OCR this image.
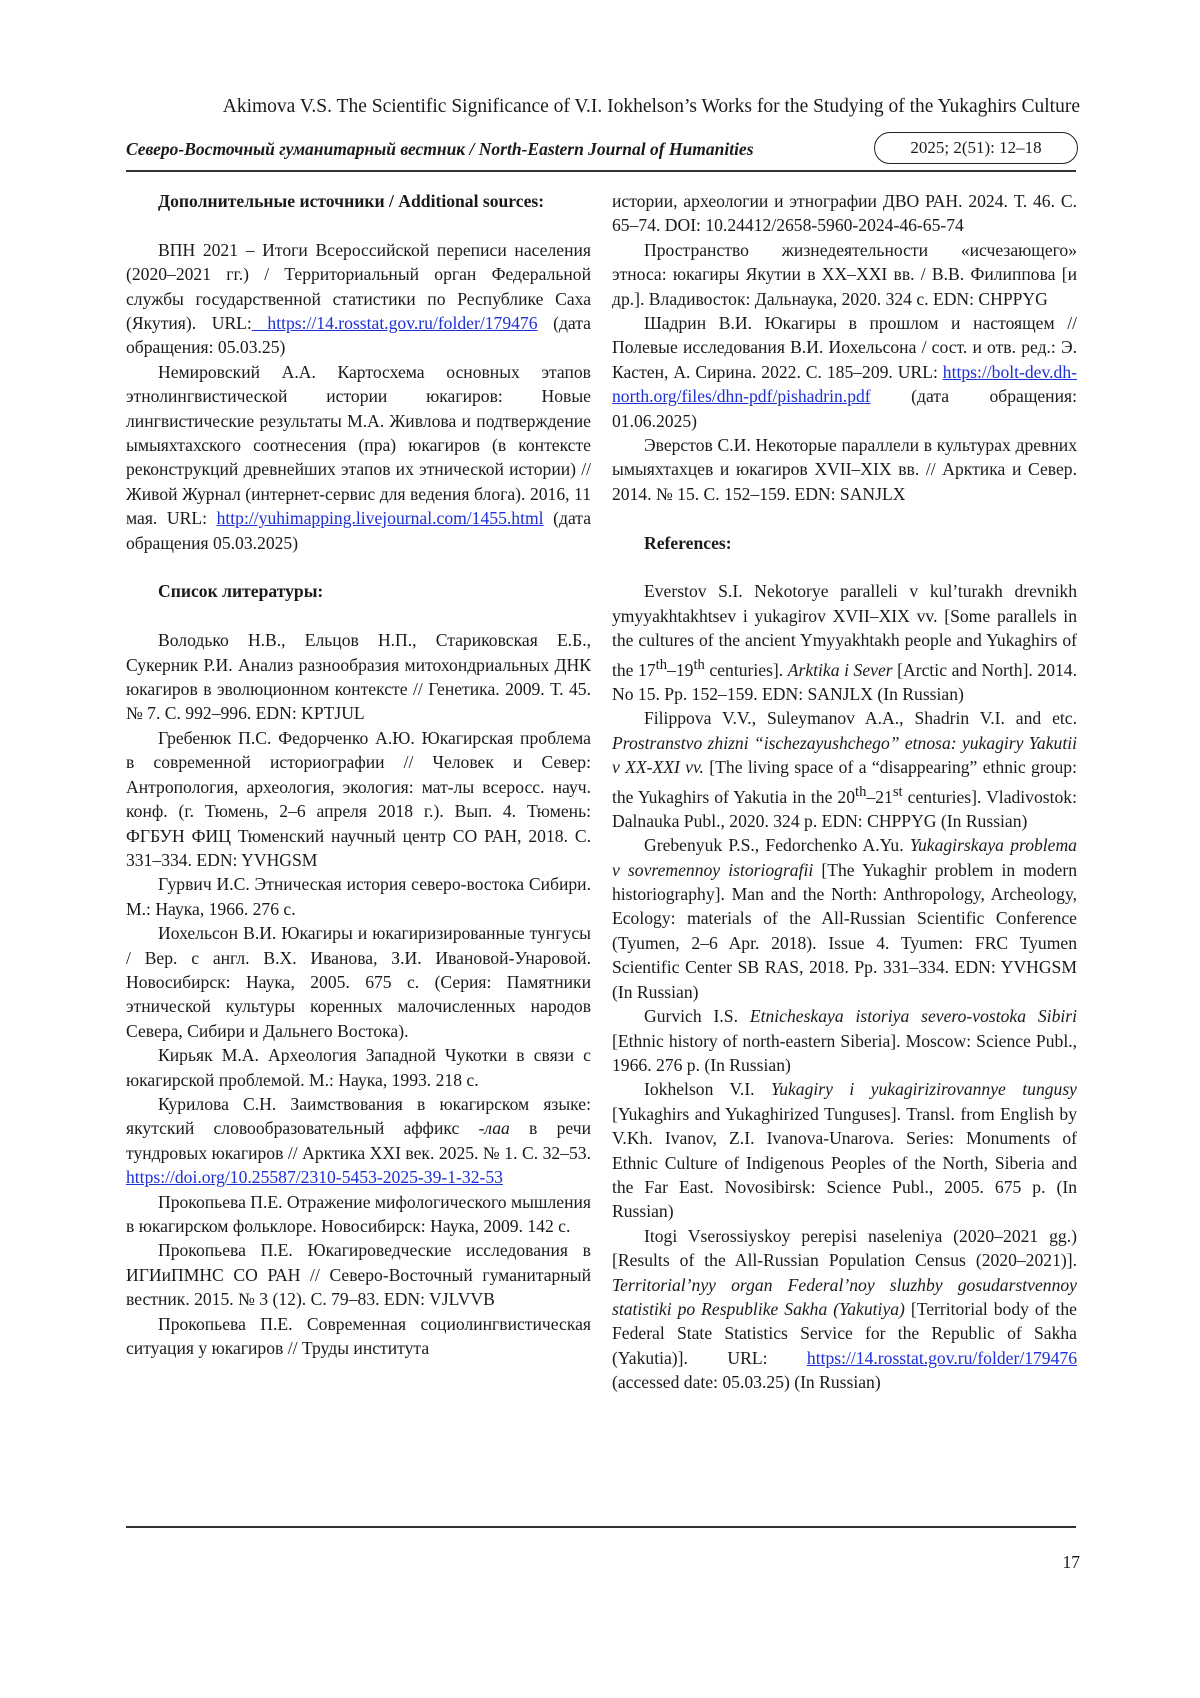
Akimova V.S. The Scientific Significance of V.I. Iokhelson’s Works for the Studying of the Yukaghirs Culture
Северо-Восточный гуманитарный вестник / North-Eastern Journal of Humanities	2025; 2(51): 12–18

Дополнительные источники / Additional sources:

ВПН 2021 – Итоги Всероссийской переписи населения (2020–2021 гг.) / Территориальный орган Федеральной службы государственной статистики по Республике Саха (Якутия). URL: https://14.rosstat.gov.ru/folder/179476 (дата обращения: 05.03.25)

Немировский А.А. Картосхема основных этапов этнолингвистической истории юкагиров: Новые лингвистические результаты М.А. Живлова и подтверждение ымыяхтахского соотнесения (пра) юкагиров (в контексте реконструкций древнейших этапов их этнической истории) // Живой Журнал (интернет-сервис для ведения блога). 2016, 11 мая. URL: http://yuhimapping.livejournal.com/1455.html (дата обращения 05.03.2025)

Список литературы:

Володько Н.В., Ельцов Н.П., Стариковская Е.Б., Сукерник Р.И. Анализ разнообразия митохондриальных ДНК юкагиров в эволюционном контексте // Генетика. 2009. Т. 45. № 7. С. 992–996. EDN: KPTJUL

Гребенюк П.С. Федорченко А.Ю. Юкагирская проблема в современной историографии // Человек и Север: Антропология, археология, экология: мат-лы всеросс. науч. конф. (г. Тюмень, 2–6 апреля 2018 г.). Вып. 4. Тюмень: ФГБУН ФИЦ Тюменский научный центр СО РАН, 2018. С. 331–334. EDN: YVHGSM

Гурвич И.С. Этническая история северо-востока Сибири. М.: Наука, 1966. 276 с.

Иохельсон В.И. Юкагиры и юкагиризированные тунгусы / Вер. с англ. В.Х. Иванова, З.И. Ивановой-Унаровой. Новосибирск: Наука, 2005. 675 с. (Серия: Памятники этнической культуры коренных малочисленных народов Севера, Сибири и Дальнего Востока).

Кирьяк М.А. Археология Западной Чукотки в связи с юкагирской проблемой. М.: Наука, 1993. 218 с.

Курилова С.Н. Заимствования в юкагирском языке: якутский словообразовательный аффикс -лаа в речи тундровых юкагиров // Арктика XXI век. 2025. № 1. С. 32–53. https://doi.org/10.25587/2310-5453-2025-39-1-32-53

Прокопьева П.Е. Отражение мифологического мышления в юкагирском фольклоре. Новосибирск: Наука, 2009. 142 с.

Прокопьева П.Е. Юкагироведческие исследования в ИГИиПМНС СО РАН // Северо-Восточный гуманитарный вестник. 2015. № 3 (12). С. 79–83. EDN: VJLVVB

Прокопьева П.Е. Современная социолингвистическая ситуация у юкагиров // Труды института

истории, археологии и этнографии ДВО РАН. 2024. Т. 46. С. 65–74. DOI: 10.24412/2658-5960-2024-46-65-74

Пространство жизнедеятельности «исчезающего» этноса: юкагиры Якутии в XX–XXI вв. / В.В. Филиппова [и др.]. Владивосток: Дальнаука, 2020. 324 с. EDN: CHPPYG

Шадрин В.И. Юкагиры в прошлом и настоящем // Полевые исследования В.И. Иохельсона / сост. и отв. ред.: Э. Кастен, А. Сирина. 2022. С. 185–209. URL: https://bolt-dev.dh-north.org/files/dhn-pdf/pishadrin.pdf (дата обращения: 01.06.2025)

Эверстов С.И. Некоторые параллели в культурах древних ымыяхтахцев и юкагиров XVII–XIX вв. // Арктика и Север. 2014. № 15. С. 152–159. EDN: SANJLX

References:

Everstov S.I. Nekotorye paralleli v kul’turakh drevnikh ymyyakhtakhtsev i yukagirov XVII–XIX vv. [Some parallels in the cultures of the ancient Ymyyakhtakh people and Yukaghirs of the 17th–19th centuries]. Arktika i Sever [Arctic and North]. 2014. No 15. Pp. 152–159. EDN: SANJLX (In Russian)

Filippova V.V., Suleymanov A.A., Shadrin V.I. and etc. Prostranstvo zhizni “ischezayushchego” etnosa: yukagiry Yakutii v XX-XXI vv. [The living space of a “disappearing” ethnic group: the Yukaghirs of Yakutia in the 20th–21st centuries]. Vladivostok: Dalnauka Publ., 2020. 324 p. EDN: CHPPYG (In Russian)

Grebenyuk P.S., Fedorchenko A.Yu. Yukagirskaya problema v sovremennoy istoriografii [The Yukaghir problem in modern historiography]. Man and the North: Anthropology, Archeology, Ecology: materials of the All-Russian Scientific Conference (Tyumen, 2–6 Apr. 2018). Issue 4. Tyumen: FRC Tyumen Scientific Center SB RAS, 2018. Pp. 331–334. EDN: YVHGSM (In Russian)

Gurvich I.S. Etnicheskaya istoriya severo-vostoka Sibiri [Ethnic history of north-eastern Siberia]. Moscow: Science Publ., 1966. 276 p. (In Russian)

Iokhelson V.I. Yukagiry i yukagirizirovannye tungusy [Yukaghirs and Yukaghirized Tunguses]. Transl. from English by V.Kh. Ivanov, Z.I. Ivanova-Unarova. Series: Monuments of Ethnic Culture of Indigenous Peoples of the North, Siberia and the Far East. Novosibirsk: Science Publ., 2005. 675 p. (In Russian)

Itogi Vserossiyskoy perepisi naseleniya (2020–2021 gg.) [Results of the All-Russian Population Census (2020–2021)]. Territorial’nyy organ Federal’noy sluzhby gosudarstvennoy statistiki po Respublike Sakha (Yakutiya) [Territorial body of the Federal State Statistics Service for the Republic of Sakha (Yakutia)]. URL: https://14.rosstat.gov.ru/folder/179476 (accessed date: 05.03.25) (In Russian)

17
